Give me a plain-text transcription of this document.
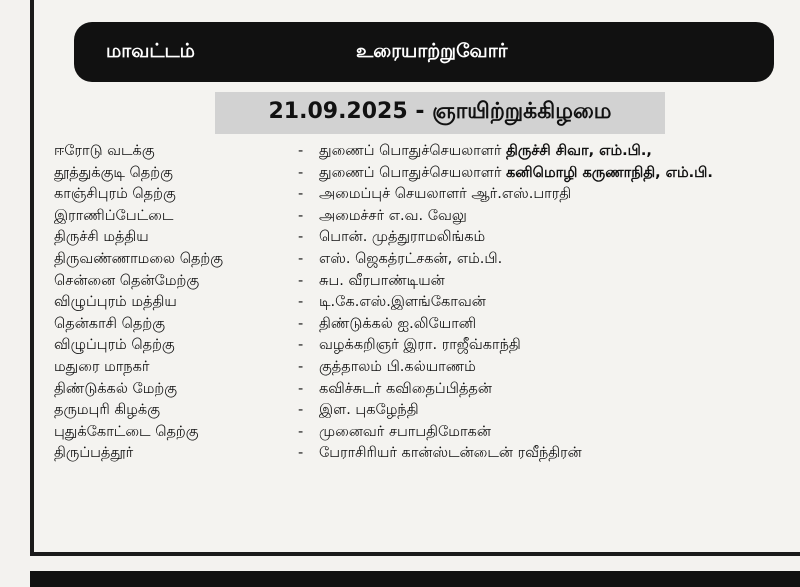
மாவட்டம்	உரையாற்றுவோர்
21.09.2025 - ஞாயிற்றுக்கிழமை
ஈரோடு வடக்கு	- துணைப் பொதுச்செயலாளர் திருச்சி சிவா, எம்.பி.,
தூத்துக்குடி தெற்கு	- துணைப் பொதுச்செயலாளர் கனிமொழி கருணாநிதி, எம்.பி.
காஞ்சிபுரம் தெற்கு	- அமைப்புச் செயலாளர் ஆர்.எஸ்.பாரதி
இராணிப்பேட்டை	- அமைச்சர் எ.வ. வேலு
திருச்சி மத்திய	- பொன். முத்துராமலிங்கம்
திருவண்ணாமலை தெற்கு	- எஸ். ஜெகத்ரட்சகன், எம்.பி.
சென்னை தென்மேற்கு	- சுப. வீரபாண்டியன்
விழுப்புரம் மத்திய	- டி.கே.எஸ்.இளங்கோவன்
தென்காசி தெற்கு	- திண்டுக்கல் ஐ.லியோனி
விழுப்புரம் தெற்கு	- வழக்கறிஞர் இரா. ராஜீவ்காந்தி
மதுரை மாநகர்	- குத்தாலம் பி.கல்யாணம்
திண்டுக்கல் மேற்கு	- கவிச்சுடர் கவிதைப்பித்தன்
தருமபுரி கிழக்கு	- இள. புகழேந்தி
புதுக்கோட்டை தெற்கு	- முனைவர் சபாபதிமோகன்
திருப்பத்தூர்	- பேராசிரியர் கான்ஸ்டன்டைன் ரவீந்திரன்
